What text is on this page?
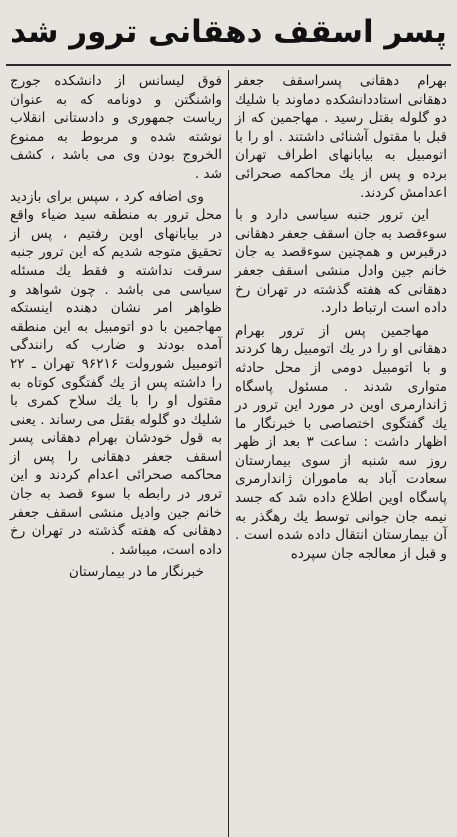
پسر اسقف دهقانی ترور شد

بهرام دهقانی پسراسقف جعفر دهقانی استاددانشکده دماوند با شلیك دو گلوله بقتل رسید . مهاجمین که از قبل با مقتول آشنائی داشتند . او را با اتومبیل به بیابانهای اطراف تهران برده و پس از یك محاکمه صحرائی اعدامش کردند.

این ترور جنبه سیاسی دارد و با سوءقصد به جان اسقف جعفر دهقانی درقبرس و همچنین سوءقصد به جان خانم جین وادل منشی اسقف جعفر دهقانی که هفته گذشته در تهران رخ داده است ارتباط دارد.

مهاجمین پس از ترور بهرام دهقانی او را در یك اتومبیل رها کردند و با اتومبیل دومی از محل حادثه متواری شدند . مسئول پاسگاه ژاندارمری اوین در مورد این ترور در یك گفتگوی اختصاصی با خبرنگار ما اظهار داشت : ساعت ۳ بعد از ظهر روز سه شنبه از سوی بیمارستان سعادت آباد به ماموران ژاندارمری پاسگاه اوین اطلاع داده شد که جسد نیمه جان جوانی توسط یك رهگذر به آن بیمارستان انتقال داده شده است . و قبل از معالجه جان سپرده

فوق لیسانس از دانشکده جورج واشنگتن و دونامه که به عنوان ریاست جمهوری و دادستانی انقلاب نوشته شده و مربوط به ممنوع الخروج بودن وی می باشد ، کشف شد .

وی اضافه کرد ، سپس برای بازدید محل ترور به منطقه سید ضیاء واقع در بیابانهای اوین رفتیم ، پس از تحقیق متوجه شدیم که این ترور جنبه سرقت نداشته و فقط یك مسئله سیاسی می باشد . چون شواهد و ظواهر امر نشان دهنده اینستکه مهاجمین با دو اتومبیل به این منطقه آمده بودند و ضارب که رانندگی اتومبیل شورولت ۹۶۲۱۶ تهران ـ ۲۲ را داشته پس از یك گفتگوی کوتاه به مقتول او را با یك سلاح کمری با شلیك دو گلوله بقتل می رساند . یعنی به قول خودشان بهرام دهقانی پسر اسقف جعفر دهقانی را پس از محاکمه صحرائی اعدام کردند و این ترور در رابطه با سوء قصد به جان خانم جین وادیل منشی اسقف جعفر دهقانی که هفته گذشته در تهران رخ داده است، میباشد .

خبرنگار ما در بیمارستان
